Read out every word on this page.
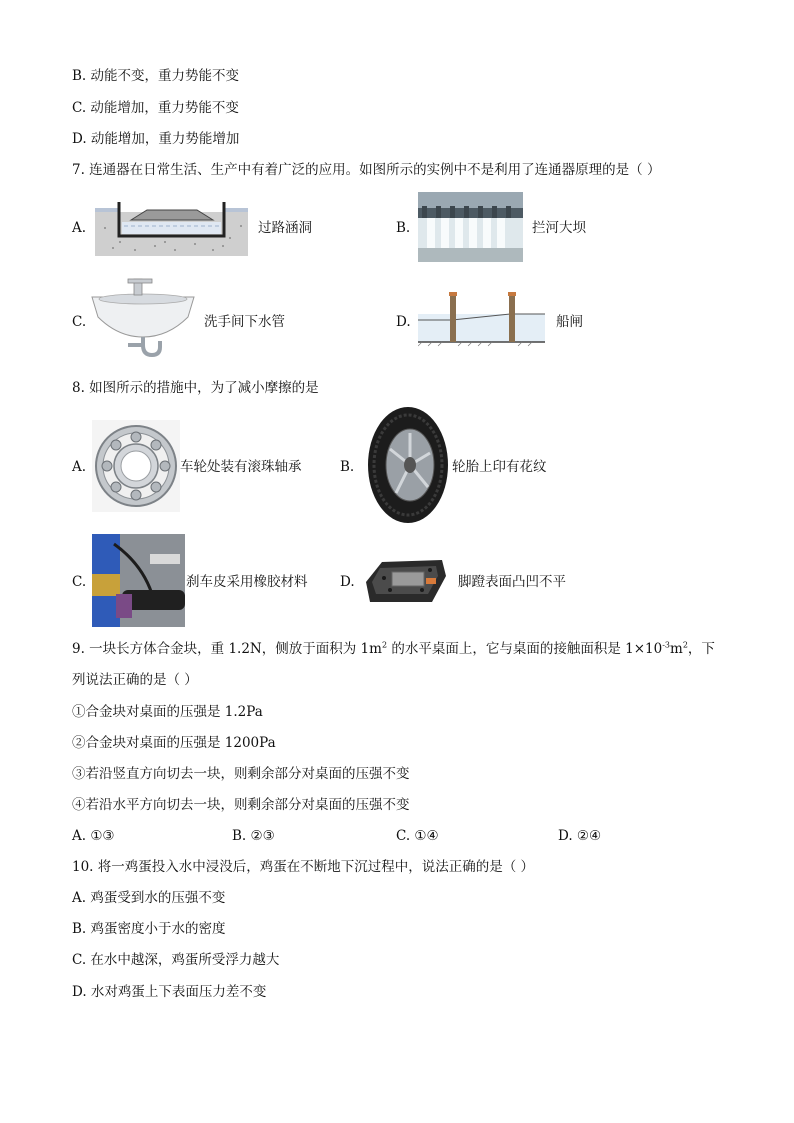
B. 动能不变，重力势能不变
C. 动能增加，重力势能不变
D. 动能增加，重力势能增加
7. 连通器在日常生活、生产中有着广泛的应用。如图所示的实例中不是利用了连通器原理的是（ ）
A.	过路涵洞	B.	拦河大坝
C.	洗手间下水管	D.	船闸
8. 如图所示的措施中，为了减小摩擦的是
A.	车轮处装有滚珠轴承	B.	轮胎上印有花纹
C.	刹车皮采用橡胶材料 D.	脚蹬表面凸凹不平
9. 一块长方体合金块，重 1.2N，侧放于面积为 $1m^2$ 的水平桌面上，它与桌面的接触面积是 $1\times 10^{-3}m^2$，下
列说法正确的是（ ）
①合金块对桌面的压强是 1.2Pa
②合金块对桌面的压强是 1200Pa
③若沿竖直方向切去一块，则剩余部分对桌面的压强不变
④若沿水平方向切去一块，则剩余部分对桌面的压强不变
A. ①③	B. ②③	C. ①④	D. ②④
10. 将一鸡蛋投入水中浸没后，鸡蛋在不断地下沉过程中，说法正确的是（ ）
A. 鸡蛋受到水的压强不变
B. 鸡蛋密度小于水的密度
C. 在水中越深，鸡蛋所受浮力越大
D. 水对鸡蛋上下表面压力差不变
